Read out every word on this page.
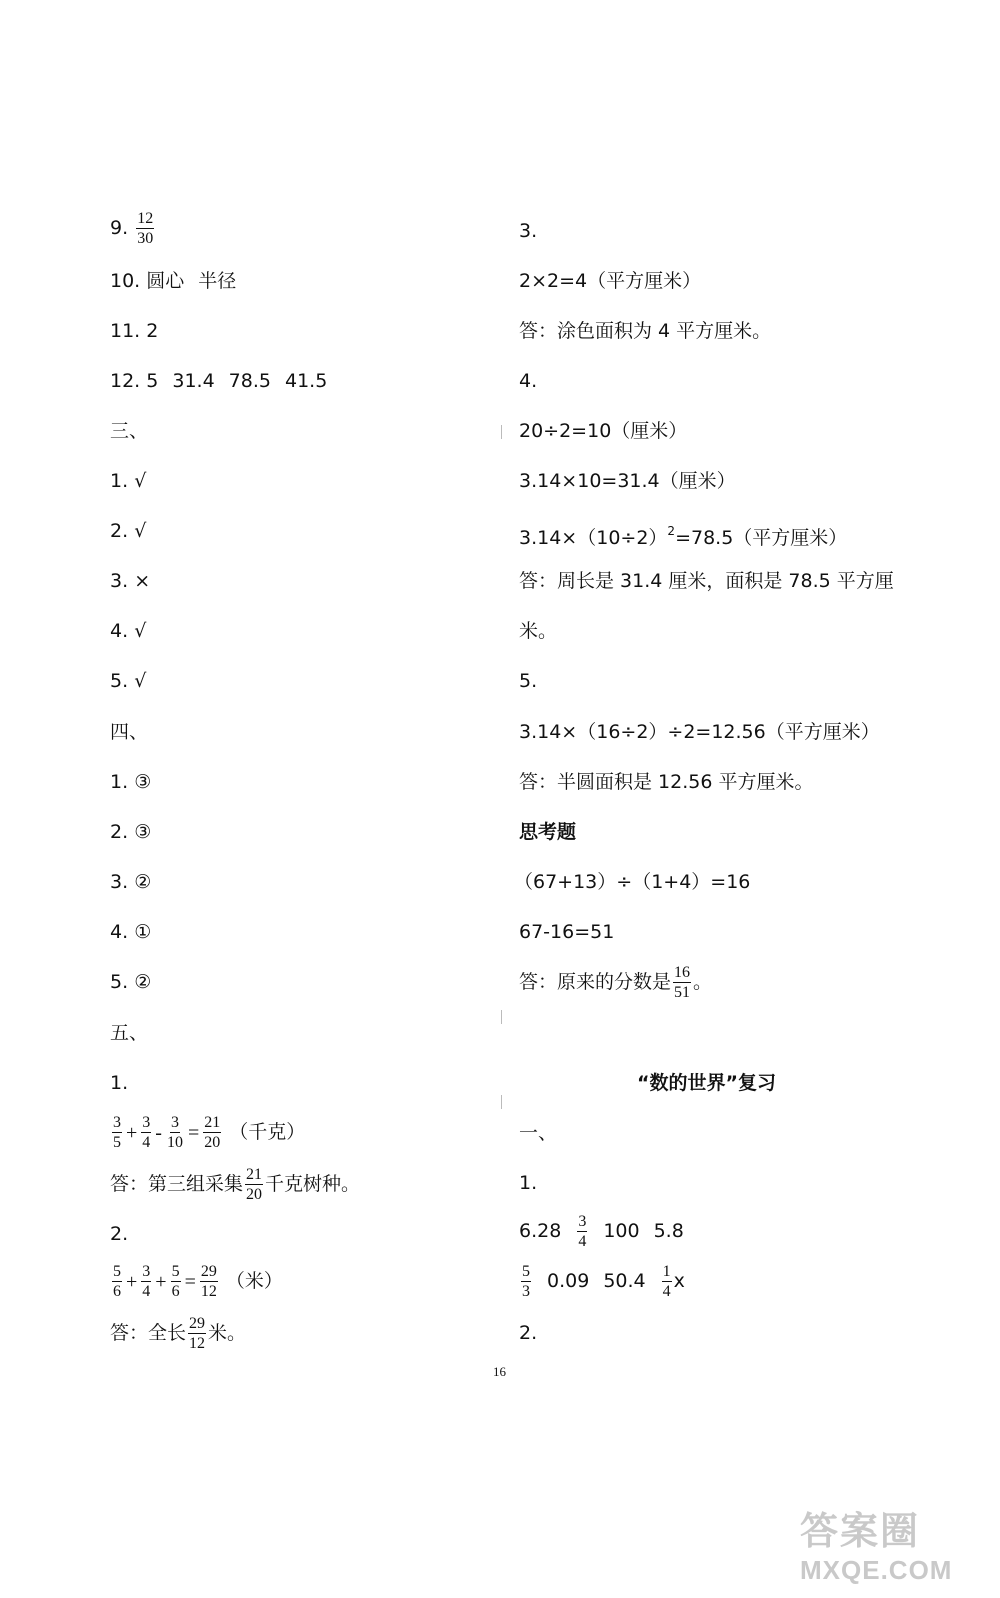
9. $\frac{12}{30}$
10. 圆心 半径
11. 2
12. 5 31.4 78.5 41.5
三、
1. √
2. √
3. ×
4. √
5. √
四、
1. ③
2. ③
3. ②
4. ①
5. ②
五、
1.
$\frac{3}{5} + \frac{3}{4} - \frac{3}{10} = \frac{21}{20}$ （千克）
答：第三组采集 $\frac{21}{20}$ 千克树种。
2.
$\frac{5}{6} + \frac{3}{4} + \frac{5}{6} = \frac{29}{12}$ （米）
答：全长 $\frac{29}{12}$ 米。
3.
2×2=4（平方厘米）
答：涂色面积为 4 平方厘米。
4.
20÷2=10（厘米）
3.14×10=31.4（厘米）
$3.14\times(10\div 2)^2=78.5$（平方厘米）
答：周长是 31.4 厘米，面积是 78.5 平方厘
米。
5.
3.14×（16÷2）÷2=12.56（平方厘米）
答：半圆面积是 12.56 平方厘米。
思考题
（67+13）÷（1+4）=16
67-16=51
答：原来的分数是 $\frac{16}{51}$ 。
“数的世界”复习
一、
1.
$6.28 \frac{3}{4} 100$ 5.8
$\frac{5}{3} 0.09$ $50.4 \frac{1}{4}$ x
2.
16
答案圈
MXQE.COM
